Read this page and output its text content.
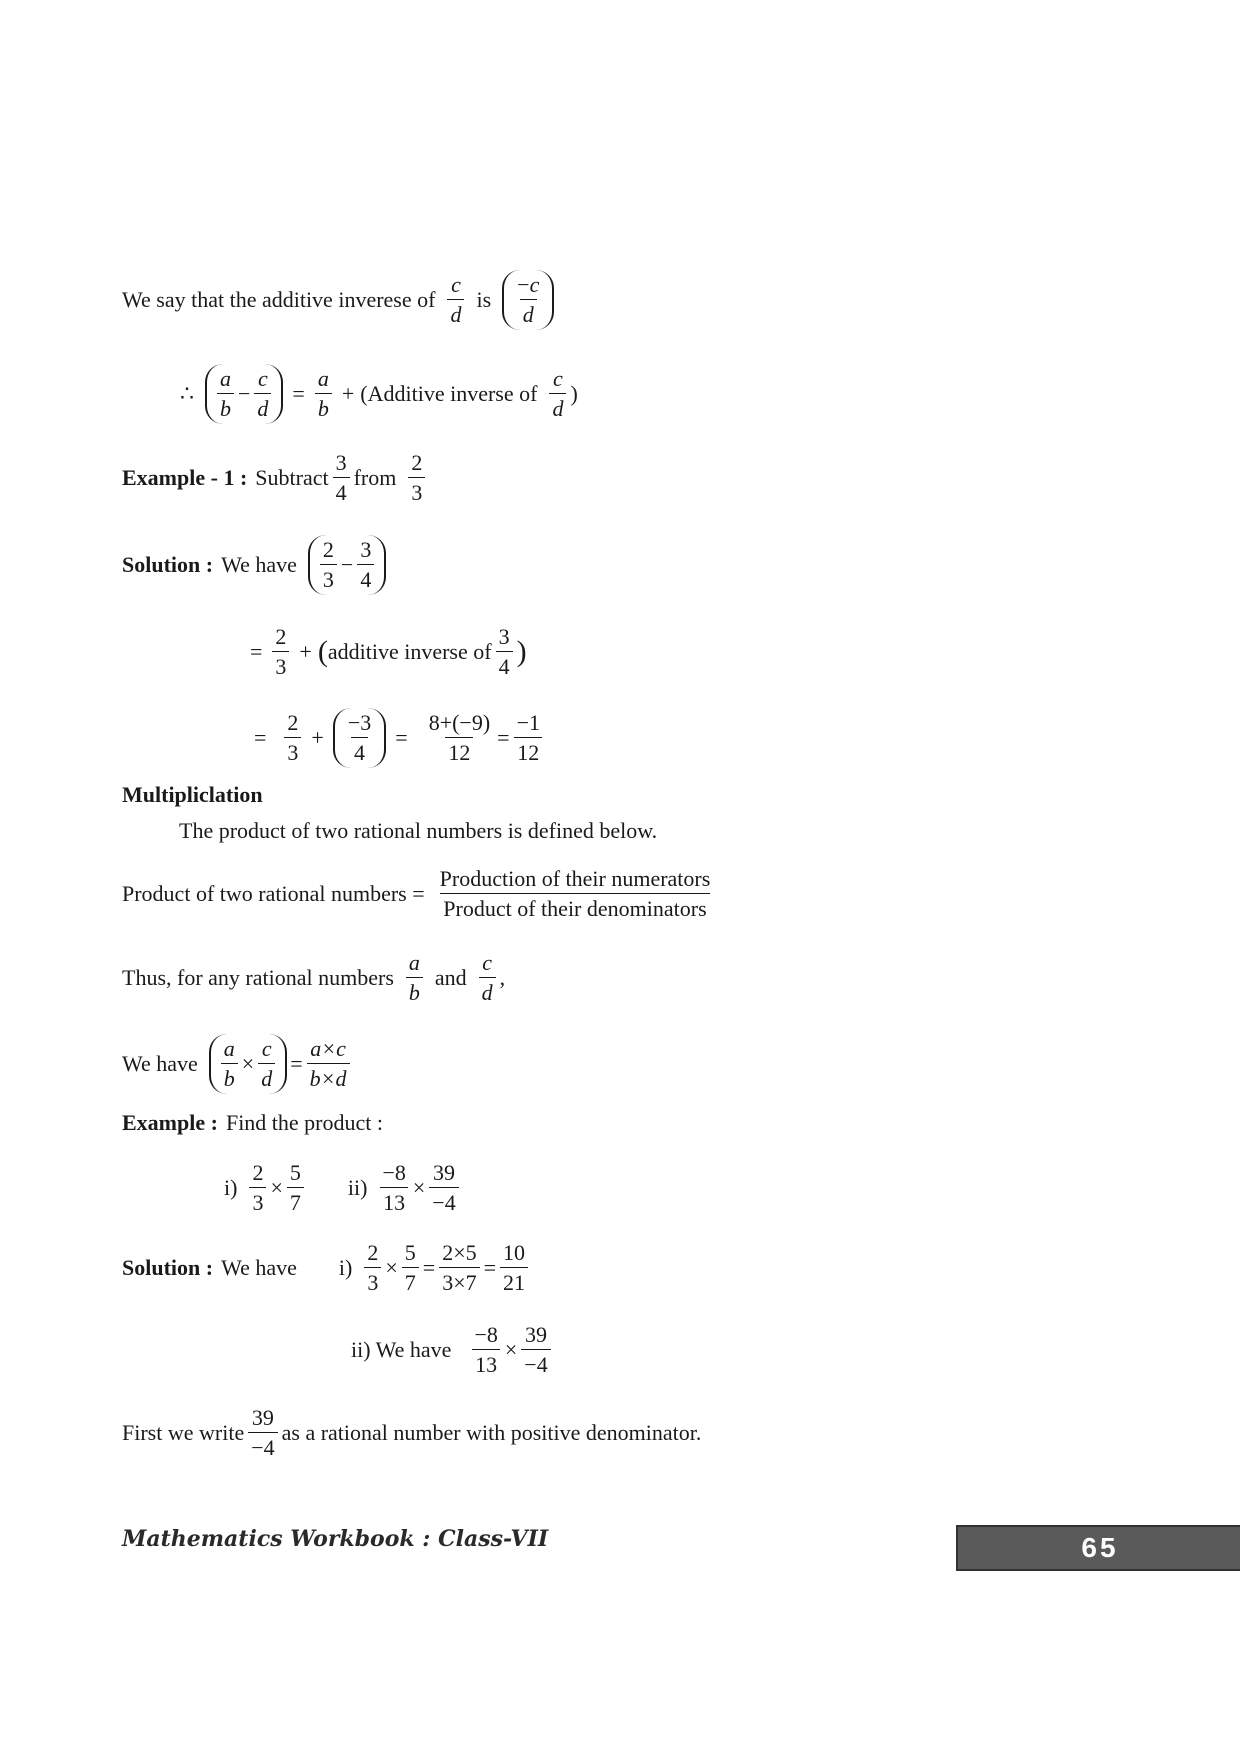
We say that the additive inverese of $\frac{c}{d}$ is $\frac{-c}{d}$
∴ $\frac{a}{b} - \frac{c}{d} = \frac{a}{b}$ + (Additive inverse of $\frac{c}{d}$ )
Example - 1 : Subtract $\frac{3}{4}$ from $\frac{2}{3}$
Solution : We have $\frac{2}{3} - \frac{3}{4}$
= $\frac{2}{3}$ + ( additive inverse of $\frac{3}{4}$ )
= $\frac{2}{3} + \frac{-3}{4} = \frac{8+(-9)}{12} = \frac{-1}{12}$
Multipliclation
The product of two rational numbers is defined below.
Product of two rational numbers = $\frac{\text{Production of their numerators}}{\text{Product of their denominators}}$
Thus, for any rational numbers $\frac{a}{b}$ and $\frac{c}{d}$ ,
We have $\frac{a}{b} \times \frac{c}{d} = \frac{a\times c}{b\times d}$
Example : Find the product :
$i) \frac{2}{3} \times \frac{5}{7} ii) \frac{-8}{13} \times \frac{39}{-4}$
Solution : We have $i) \frac{2}{3} \times \frac{5}{7} = \frac{2\times 5}{3\times 7} = \frac{10}{21}$
ii) We have $\frac{-8}{13} \times \frac{39}{-4}$
First we write $\frac{39}{-4}$ as a rational number with positive denominator.
Mathematics Workbook : Class-VII	65
